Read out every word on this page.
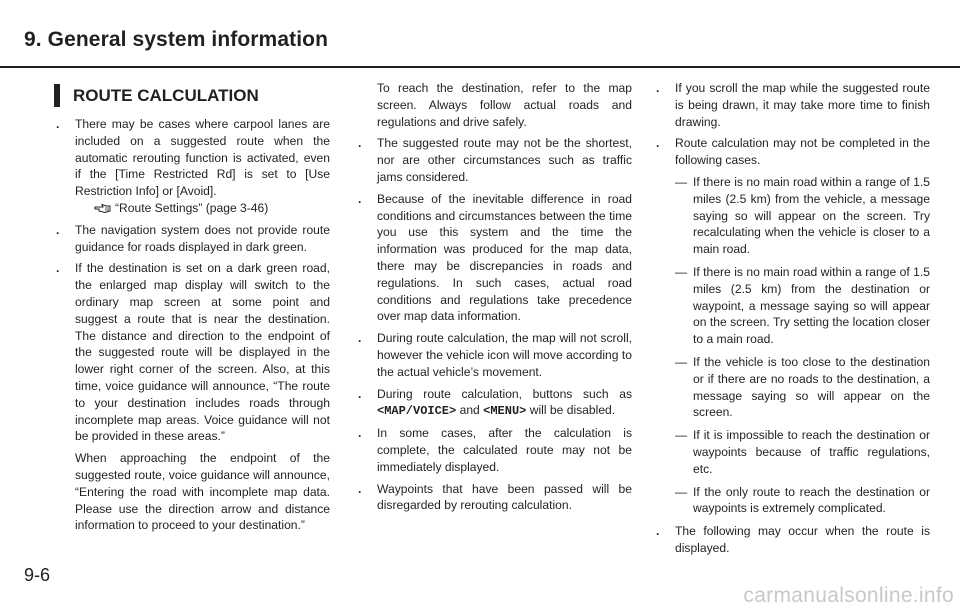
9. General system information
ROUTE CALCULATION
. There may be cases where carpool lanes are included on a suggested route when the automatic rerouting function is activated, even if the [Time Restricted Rd] is set to [Use Restriction Info] or [Avoid].
“Route Settings” (page 3-46)
. The navigation system does not provide route guidance for roads displayed in dark green.
. If the destination is set on a dark green road, the enlarged map display will switch to the ordinary map screen at some point and suggest a route that is near the destination. The distance and direction to the endpoint of the suggested route will be displayed in the lower right corner of the screen. Also, at this time, voice guidance will announce, “The route to your destination includes roads through incomplete map areas. Voice guidance will not be provided in these areas.”

When approaching the endpoint of the suggested route, voice guidance will announce, “Entering the road with incomplete map data. Please use the direction arrow and distance information to proceed to your destination.”

To reach the destination, refer to the map screen. Always follow actual roads and regulations and drive safely.

. The suggested route may not be the shortest, nor are other circumstances such as traffic jams considered.
. Because of the inevitable difference in road conditions and circumstances between the time you use this system and the time the information was produced for the map data, there may be discrepancies in roads and regulations. In such cases, actual road conditions and regulations take precedence over map data information.
. During route calculation, the map will not scroll, however the vehicle icon will move according to the actual vehicle’s movement.
. During route calculation, buttons such as <MAP/VOICE> and <MENU> will be disabled.
. In some cases, after the calculation is complete, the calculated route may not be immediately displayed.
. Waypoints that have been passed will be disregarded by rerouting calculation.
. If you scroll the map while the suggested route is being drawn, it may take more time to finish drawing.
. Route calculation may not be completed in the following cases.
— If there is no main road within a range of 1.5 miles (2.5 km) from the vehicle, a message saying so will appear on the screen. Try recalculating when the vehicle is closer to a main road.
— If there is no main road within a range of 1.5 miles (2.5 km) from the destination or waypoint, a message saying so will appear on the screen. Try setting the location closer to a main road.
— If the vehicle is too close to the destination or if there are no roads to the destination, a message saying so will appear on the screen.
— If it is impossible to reach the destination or waypoints because of traffic regulations, etc.
— If the only route to reach the destination or waypoints is extremely complicated.
. The following may occur when the route is displayed.
9-6
carmanualsonline.info
